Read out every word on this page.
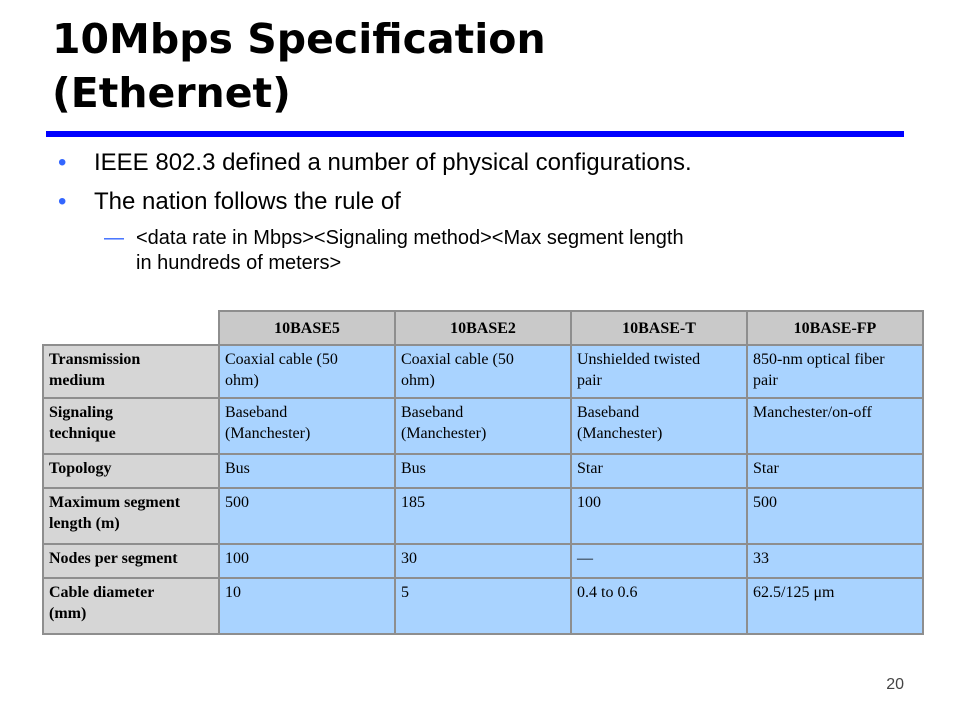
10Mbps Specification
(Ethernet)
• IEEE 802.3 defined a number of physical configurations.
• The nation follows the rule of
— <data rate in Mbps><Signaling method><Max segment length
in hundreds of meters>
	10BASE5	10BASE2	10BASE-T	10BASE-FP
Transmission
medium	Coaxial cable (50
ohm)	Coaxial cable (50
ohm)	Unshielded twisted
pair	850-nm optical fiber
pair
Signaling
technique	Baseband
(Manchester)	Baseband
(Manchester)	Baseband
(Manchester)	Manchester/on-off
Topology	Bus	Bus	Star	Star
Maximum segment
length (m)	500	185	100	500
Nodes per segment	100	30	—	33
Cable diameter
(mm)	10	5	0.4 to 0.6	62.5/125 μm
20
